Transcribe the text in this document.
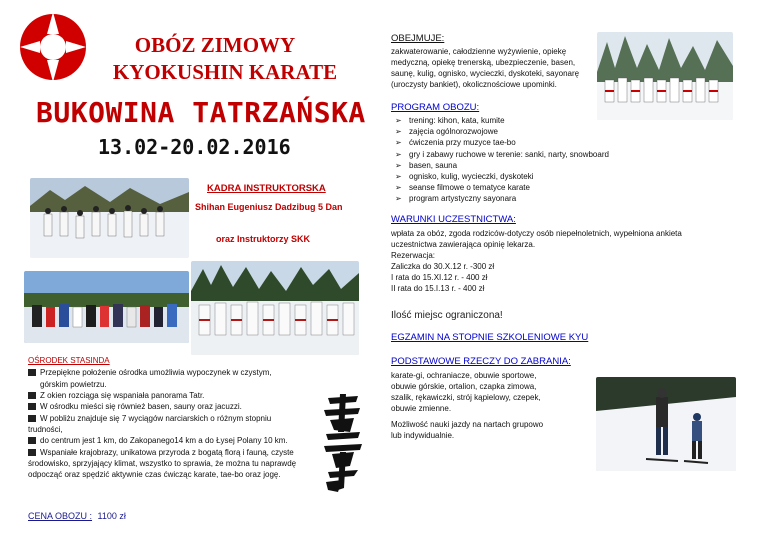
OBÓZ ZIMOWY
KYOKUSHIN KARATE
BUKOWINA TATRZAŃSKA
13.02-20.02.2016
KADRA INSTRUKTORSKA
Shihan Eugeniusz Dadzibug 5 Dan
oraz Instruktorzy SKK
OBEJMUJE:
zakwaterowanie, całodzienne wyżywienie, opiekę
medyczną, opiekę trenerską, ubezpieczenie, basen,
saunę, kulig, ognisko, wycieczki, dyskoteki, sayonarę
(uroczysty bankiet), okolicznościowe upominki.
PROGRAM OBOZU:
➢ trening: kihon, kata, kumite
➢ zajęcia ogólnorozwojowe
➢ ćwiczenia przy muzyce tae-bo
➢ gry i zabawy ruchowe w terenie: sanki, narty, snowboard
➢ basen, sauna
➢ ognisko, kulig, wycieczki, dyskoteki
➢ seanse filmowe o tematyce karate
➢ program artystyczny sayonara
WARUNKI UCZESTNICTWA:
wpłata za obóz, zgoda rodziców-dotyczy osób niepełnoletnich, wypełniona ankieta
uczestnictwa zawierająca opinię lekarza.
Rezerwacja:
Zaliczka do 30.X.12 r. -300 zł
I rata do 15.XI.12 r. - 400 zł
II rata do 15.I.13 r. - 400 zł
Ilość miejsc ograniczona!
EGZAMIN NA STOPNIE SZKOLENIOWE KYU
PODSTAWOWE RZECZY DO ZABRANIA:
karate-gi, ochraniacze, obuwie sportowe,
obuwie górskie, ortalion, czapka zimowa,
szalik, rękawiczki, strój kąpielowy, czepek,
obuwie zmienne.
Możliwość nauki jazdy na nartach grupowo
lub indywidualnie.
OŚRODEK STASINDA
Przepiękne położenie ośrodka umożliwia wypoczynek w czystym,
górskim powietrzu.
Z okien rozciąga się wspaniała panorama Tatr.
W ośrodku mieści się również basen, sauny oraz jacuzzi.
W pobliżu znajduje się 7 wyciągów narciarskich o różnym stopniu
trudności,
do centrum jest 1 km, do Zakopanego14 km a do Łysej Polany 10 km.
Wspaniałe krajobrazy, unikatowa przyroda z bogatą florą i fauną, czyste
środowisko, sprzyjający klimat, wszystko to sprawia, że można tu naprawdę
odpocząć oraz spędzić aktywnie czas ćwicząc karate, tae-bo oraz jogę.
CENA OBOZU : 1100 zł
